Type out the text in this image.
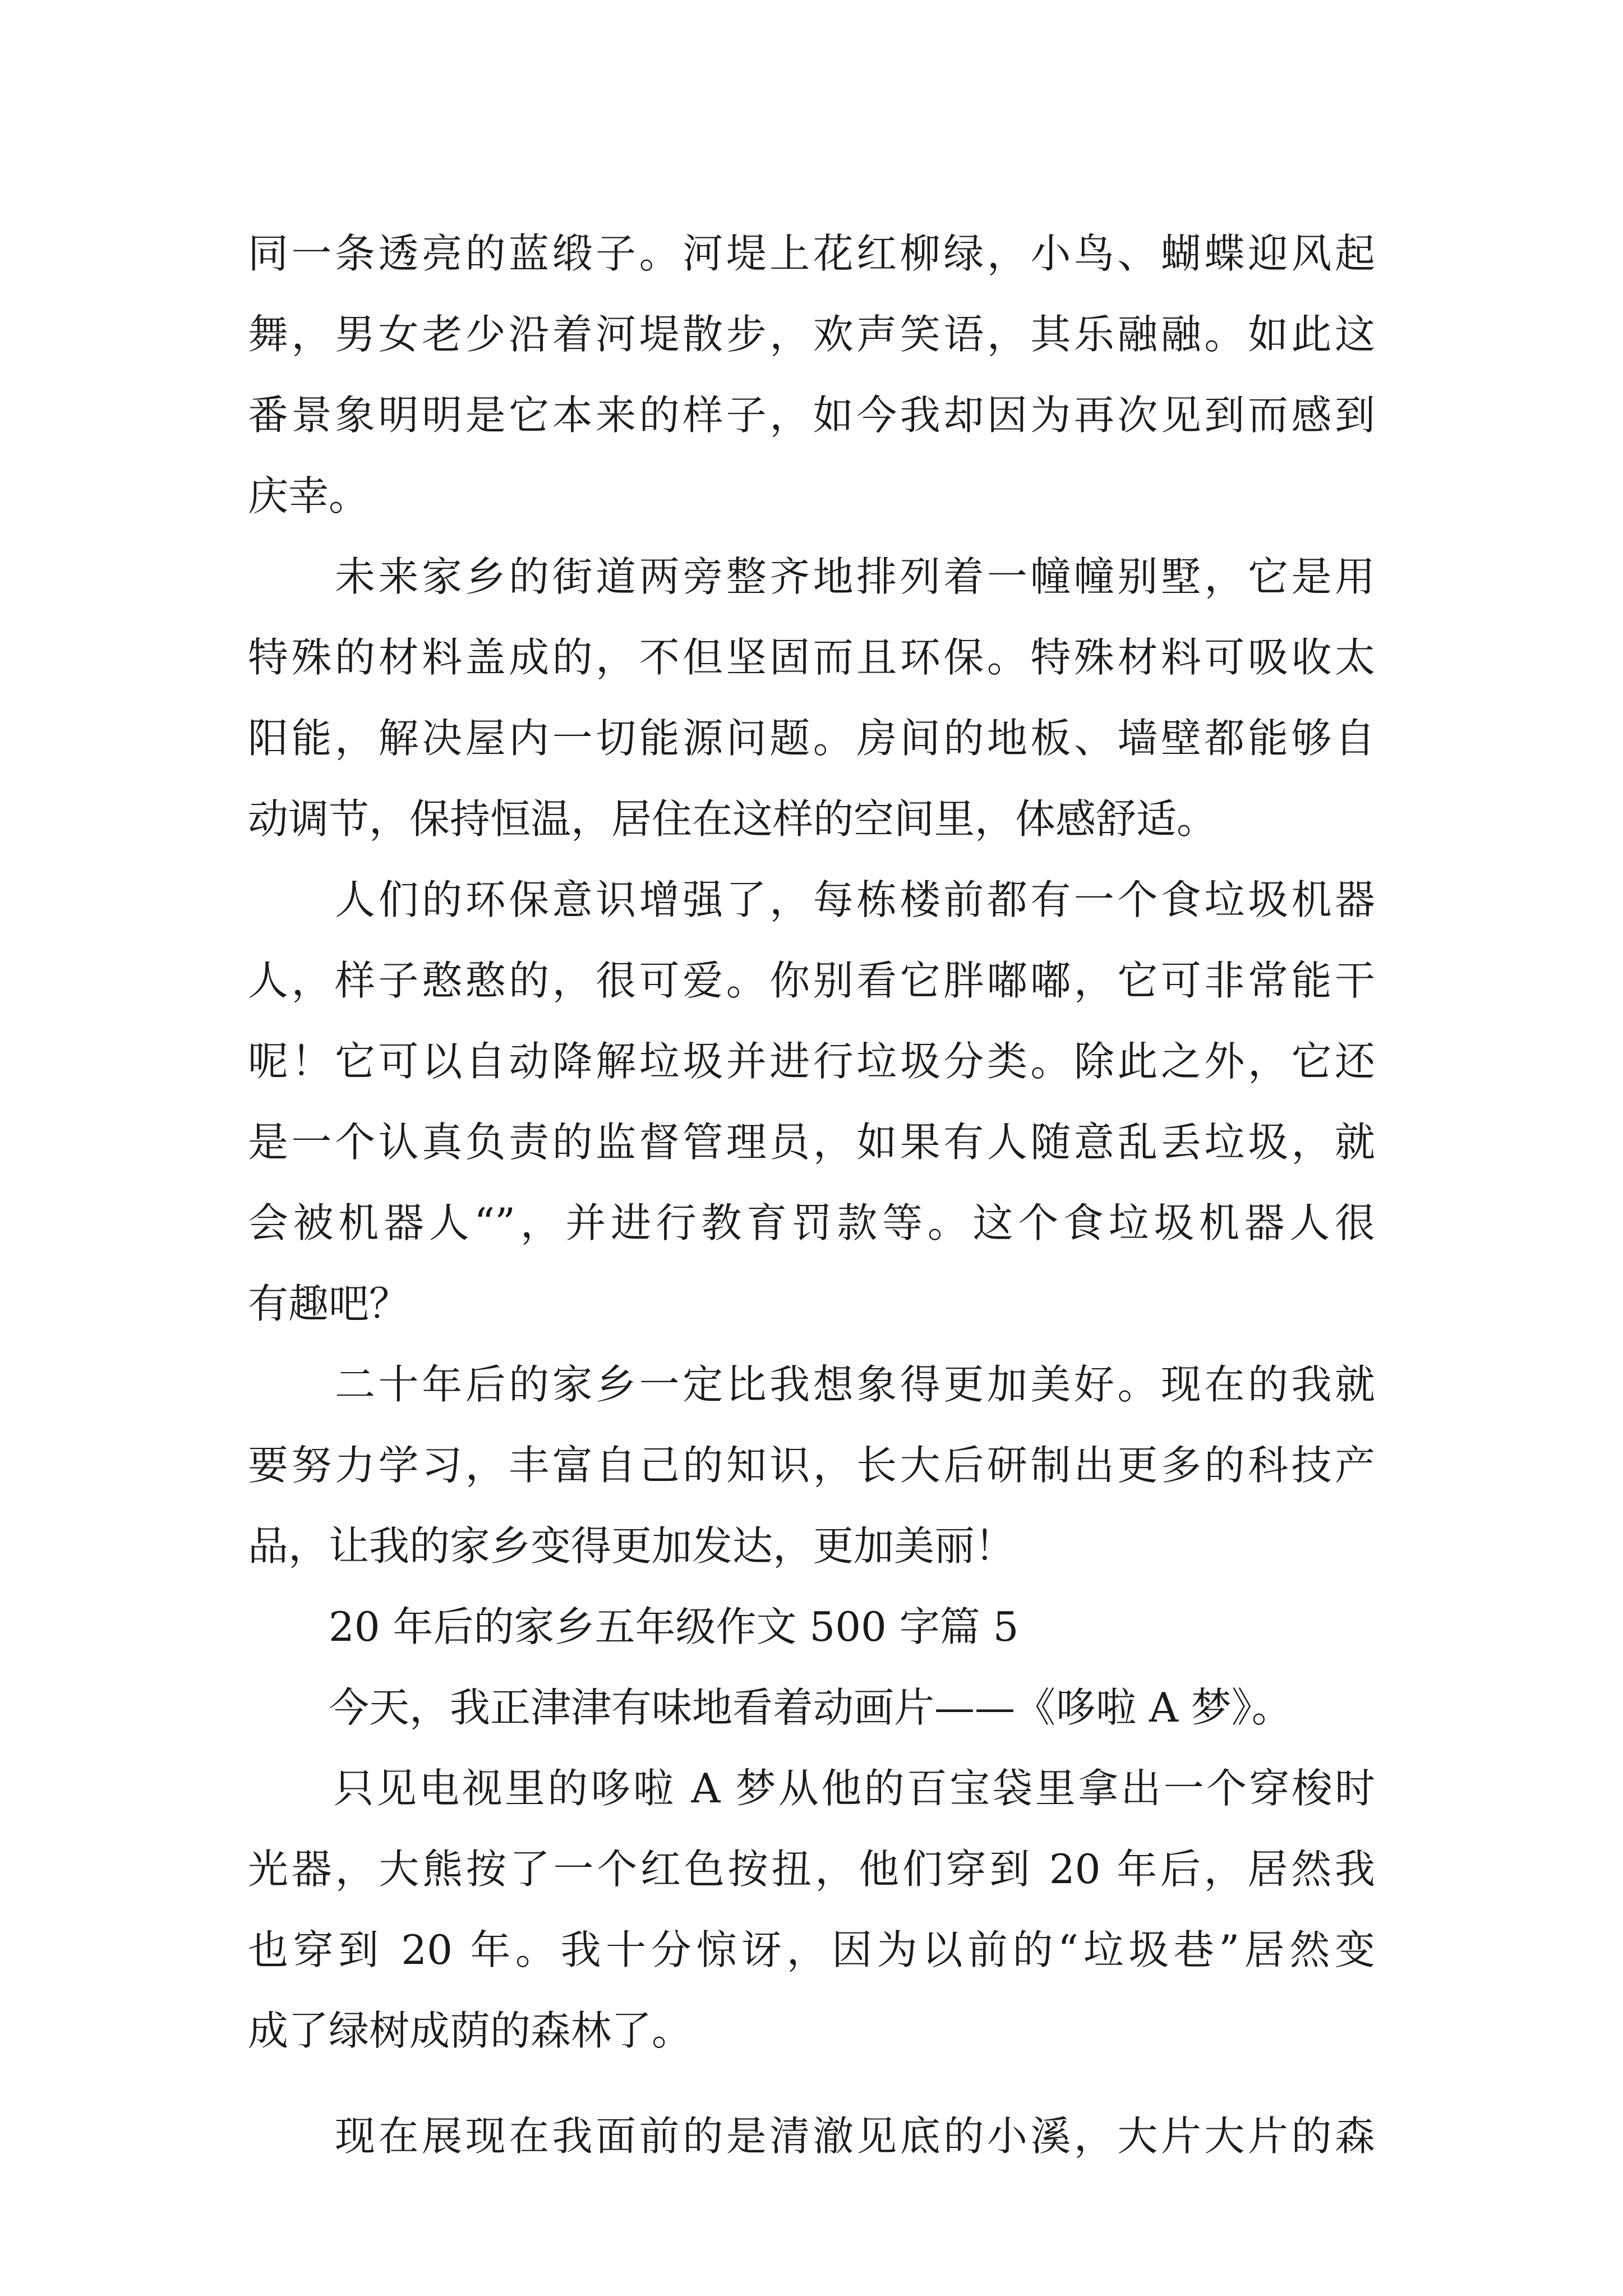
同一条透亮的蓝缎子。河堤上花红柳绿，小鸟、蝴蝶迎风起
舞，男女老少沿着河堤散步，欢声笑语，其乐融融。如此这
番景象明明是它本来的样子，如今我却因为再次见到而感到
庆幸。
　　未来家乡的街道两旁整齐地排列着一幢幢别墅，它是用
特殊的材料盖成的，不但坚固而且环保。特殊材料可吸收太
阳能，解决屋内一切能源问题。房间的地板、墙壁都能够自
动调节，保持恒温，居住在这样的空间里，体感舒适。
　　人们的环保意识增强了，每栋楼前都有一个食垃圾机器
人，样子憨憨的，很可爱。你别看它胖嘟嘟，它可非常能干
呢！它可以自动降解垃圾并进行垃圾分类。除此之外，它还
是一个认真负责的监督管理员，如果有人随意乱丢垃圾，就
会被机器人“”，并进行教育罚款等。这个食垃圾机器人很
有趣吧？
　　二十年后的家乡一定比我想象得更加美好。现在的我就
要努力学习，丰富自己的知识，长大后研制出更多的科技产
品，让我的家乡变得更加发达，更加美丽！
　　20 年后的家乡五年级作文 500 字篇 5
　　今天，我正津津有味地看着动画片——《哆啦 A 梦》。
　　只见电视里的哆啦 A 梦从他的百宝袋里拿出一个穿梭时
光器，大熊按了一个红色按扭，他们穿到 20 年后，居然我
也穿到 20 年。我十分惊讶，因为以前的“垃圾巷”居然变
成了绿树成荫的森林了。
　　现在展现在我面前的是清澈见底的小溪，大片大片的森
